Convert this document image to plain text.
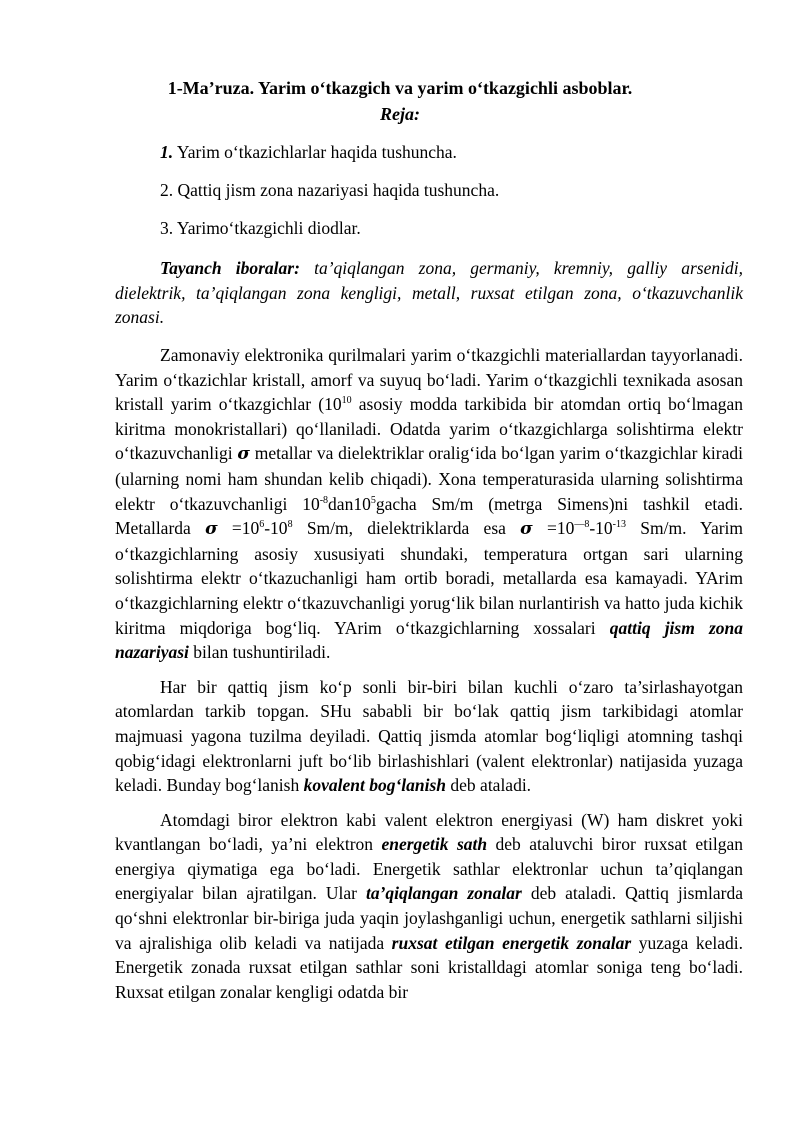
1-Ma’ruza. Yarim o‘tkazgich va yarim o‘tkazgichli asboblar.
Reja:

1. Yarim o‘tkazichlarlar haqida tushuncha.

2. Qattiq jism zona nazariyasi haqida tushuncha.

3. Yarimo‘tkazgichli diodlar.

Tayanch iboralar: ta’qiqlangan zona, germaniy, kremniy, galliy arsenidi, dielektrik, ta’qiqlangan zona kengligi, metall, ruxsat etilgan zona, o‘tkazuvchanlik zonasi.

Zamonaviy elektronika qurilmalari yarim o‘tkazgichli materiallardan tayyorlanadi. Yarim o‘tkazichlar kristall, amorf va suyuq bo‘ladi. Yarim o‘tkazgichli texnikada asosan kristall yarim o‘tkazgichlar ($10^{10}$ asosiy modda tarkibida bir atomdan ortiq bo‘lmagan kiritma monokristallari) qo‘llaniladi. Odatda yarim o‘tkazgichlarga solishtirma elektr o‘tkazuvchanligi σ metallar va dielektriklar oralig‘ida bo‘lgan yarim o‘tkazgichlar kiradi (ularning nomi ham shundan kelib chiqadi). Xona temperaturasida ularning solishtirma elektr o‘tkazuvchanligi $10^{-8}dan10^5gacha$ Sm/m (metrga Simens)ni tashkil etadi. Metallarda $\sigma =10^6-10^8$ Sm/m, dielektriklarda esa $\sigma =10^{—8}-10^{-13}$ Sm/m. Yarim o‘tkazgichlarning asosiy xususiyati shundaki, temperatura ortgan sari ularning solishtirma elektr o‘tkazuchanligi ham ortib boradi, metallarda esa kamayadi. YArim o‘tkazgichlarning elektr o‘tkazuvchanligi yorug‘lik bilan nurlantirish va hatto juda kichik kiritma miqdoriga bog‘liq. YArim o‘tkazgichlarning xossalari qattiq jism zona nazariyasi bilan tushuntiriladi.

Har bir qattiq jism ko‘p sonli bir-biri bilan kuchli o‘zaro ta’sirlashayotgan atomlardan tarkib topgan. SHu sababli bir bo‘lak qattiq jism tarkibidagi atomlar majmuasi yagona tuzilma deyiladi. Qattiq jismda atomlar bog‘liqligi atomning tashqi qobig‘idagi elektronlarni juft bo‘lib birlashishlari (valent elektronlar) natijasida yuzaga keladi. Bunday bog‘lanish kovalent bog‘lanish deb ataladi.

Atomdagi biror elektron kabi valent elektron energiyasi (W) ham diskret yoki kvantlangan bo‘ladi, ya’ni elektron energetik sath deb ataluvchi biror ruxsat etilgan energiya qiymatiga ega bo‘ladi. Energetik sathlar elektronlar uchun ta’qiqlangan energiyalar bilan ajratilgan. Ular ta’qiqlangan zonalar deb ataladi. Qattiq jismlarda qo‘shni elektronlar bir-biriga juda yaqin joylashganligi uchun, energetik sathlarni siljishi va ajralishiga olib keladi va natijada ruxsat etilgan energetik zonalar yuzaga keladi. Energetik zonada ruxsat etilgan sathlar soni kristalldagi atomlar soniga teng bo‘ladi. Ruxsat etilgan zonalar kengligi odatda bir
